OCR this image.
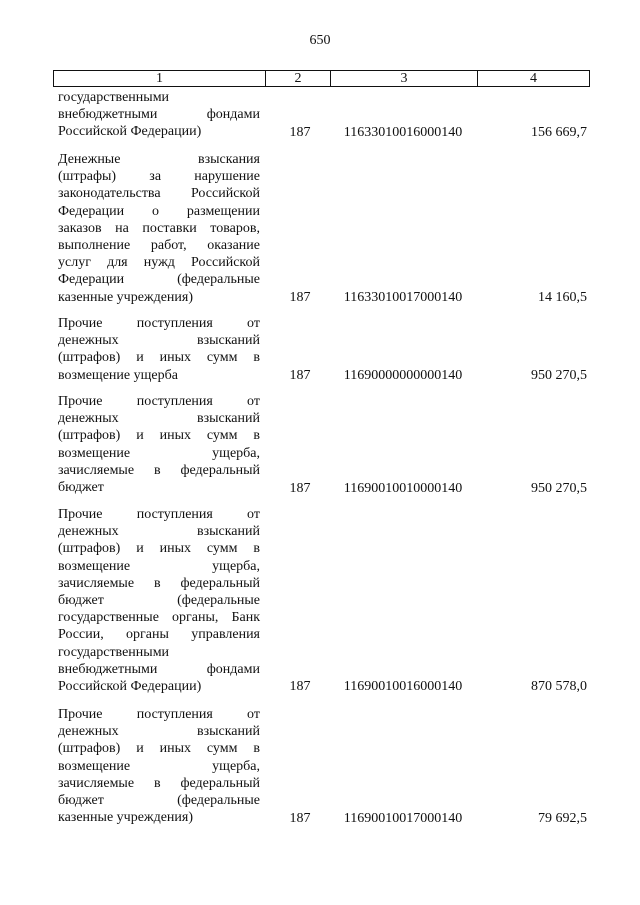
650
1	2	3	4
государственными
внебюджетными фондами
Российской Федерации)	187	11633010016000140	156 669,7
Денежные взыскания
(штрафы) за нарушение
законодательства Российской
Федерации о размещении
заказов на поставки товаров,
выполнение работ, оказание
услуг для нужд Российской
Федерации (федеральные
казенные учреждения)	187	11633010017000140	14 160,5
Прочие поступления от
денежных взысканий
(штрафов) и иных сумм в
возмещение ущерба	187	11690000000000140	950 270,5
Прочие поступления от
денежных взысканий
(штрафов) и иных сумм в
возмещение ущерба,
зачисляемые в федеральный
бюджет	187	11690010010000140	950 270,5
Прочие поступления от
денежных взысканий
(штрафов) и иных сумм в
возмещение ущерба,
зачисляемые в федеральный
бюджет (федеральные
государственные органы, Банк
России, органы управления
государственными
внебюджетными фондами
Российской Федерации)	187	11690010016000140	870 578,0
Прочие поступления от
денежных взысканий
(штрафов) и иных сумм в
возмещение ущерба,
зачисляемые в федеральный
бюджет (федеральные
казенные учреждения)	187	11690010017000140	79 692,5
